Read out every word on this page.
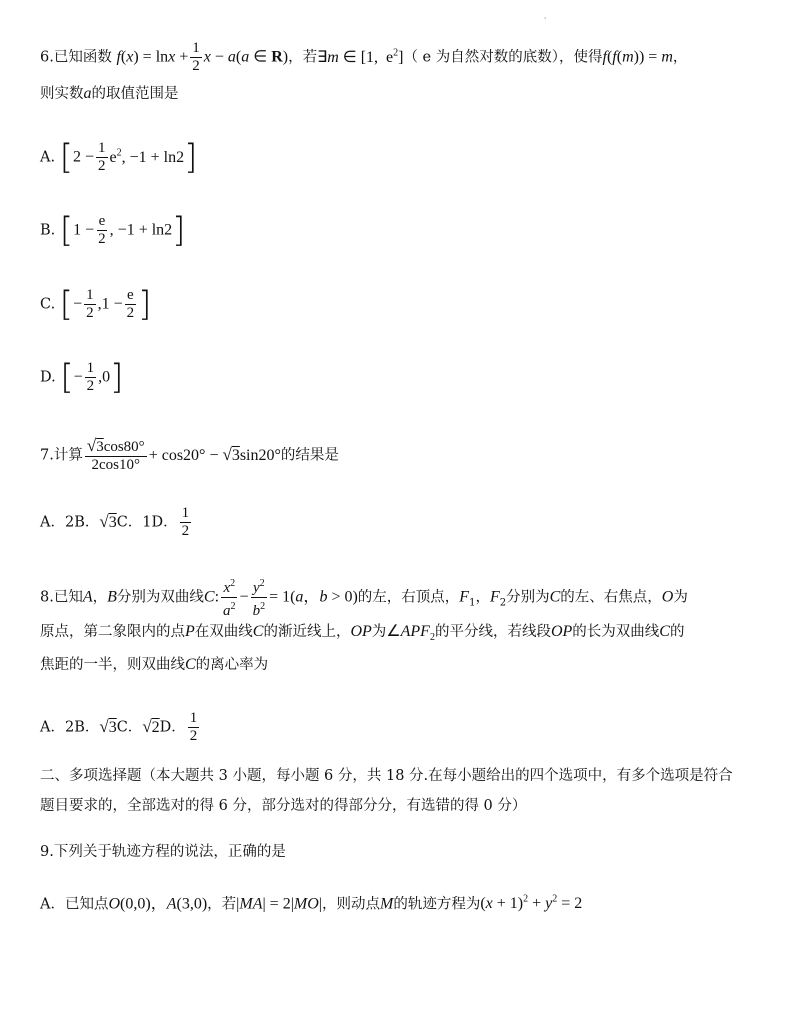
'
6.已知函数 $f(x) = \ln x + \frac{1}{2}$ x − a(a ∈ R)，若∃m ∈ [1,  $e^2$]（ e 为自然对数的底数），使得f(f(m)) = m，
则实数a的取值范围是
A. [$2 - \frac{1}{2} e^2$, −1 + ln2]
B. [$1 - \frac{e}{2}$ , −1 + ln2]
C. [− $\frac{1}{2} ,1 - \frac{e}{2}$ ]
D. [− $\frac{1}{2} ,0$]
7.计算 $\frac{√3\cos 80^\circ}{2\cos 10^\circ} + \cos 20^\circ - √3\sin 20^\circ$的结果是
A．2B．√3C．1D． $\frac{1}{2}$
8.已知A，B分别为双曲线C: $\frac{x^2}{a^2} - \frac{y^2}{b^2} = 1(a$，b > 0)的左，右顶点，$F_1$，$F_2$分别为C的左、右焦点，O为
原点，第二象限内的点P在双曲线C的渐近线上，OP为$\angle APF_2$的平分线，若线段OP的长为双曲线C的
焦距的一半，则双曲线C的离心率为
A．2B．√3C．√2D． $\frac{1}{2}$
二、多项选择题（本大题共 3 小题，每小题 6 分，共 18 分.在每小题给出的四个选项中，有多个选项是符合
题目要求的，全部选对的得 6 分，部分选对的得部分分，有选错的得 0 分）
9.下列关于轨迹方程的说法，正确的是
A．已知点O(0,0)，A(3,0)，若|MA| = 2|MO|，则动点M的轨迹方程为$(x + 1)^2 + y^2 = 2$
